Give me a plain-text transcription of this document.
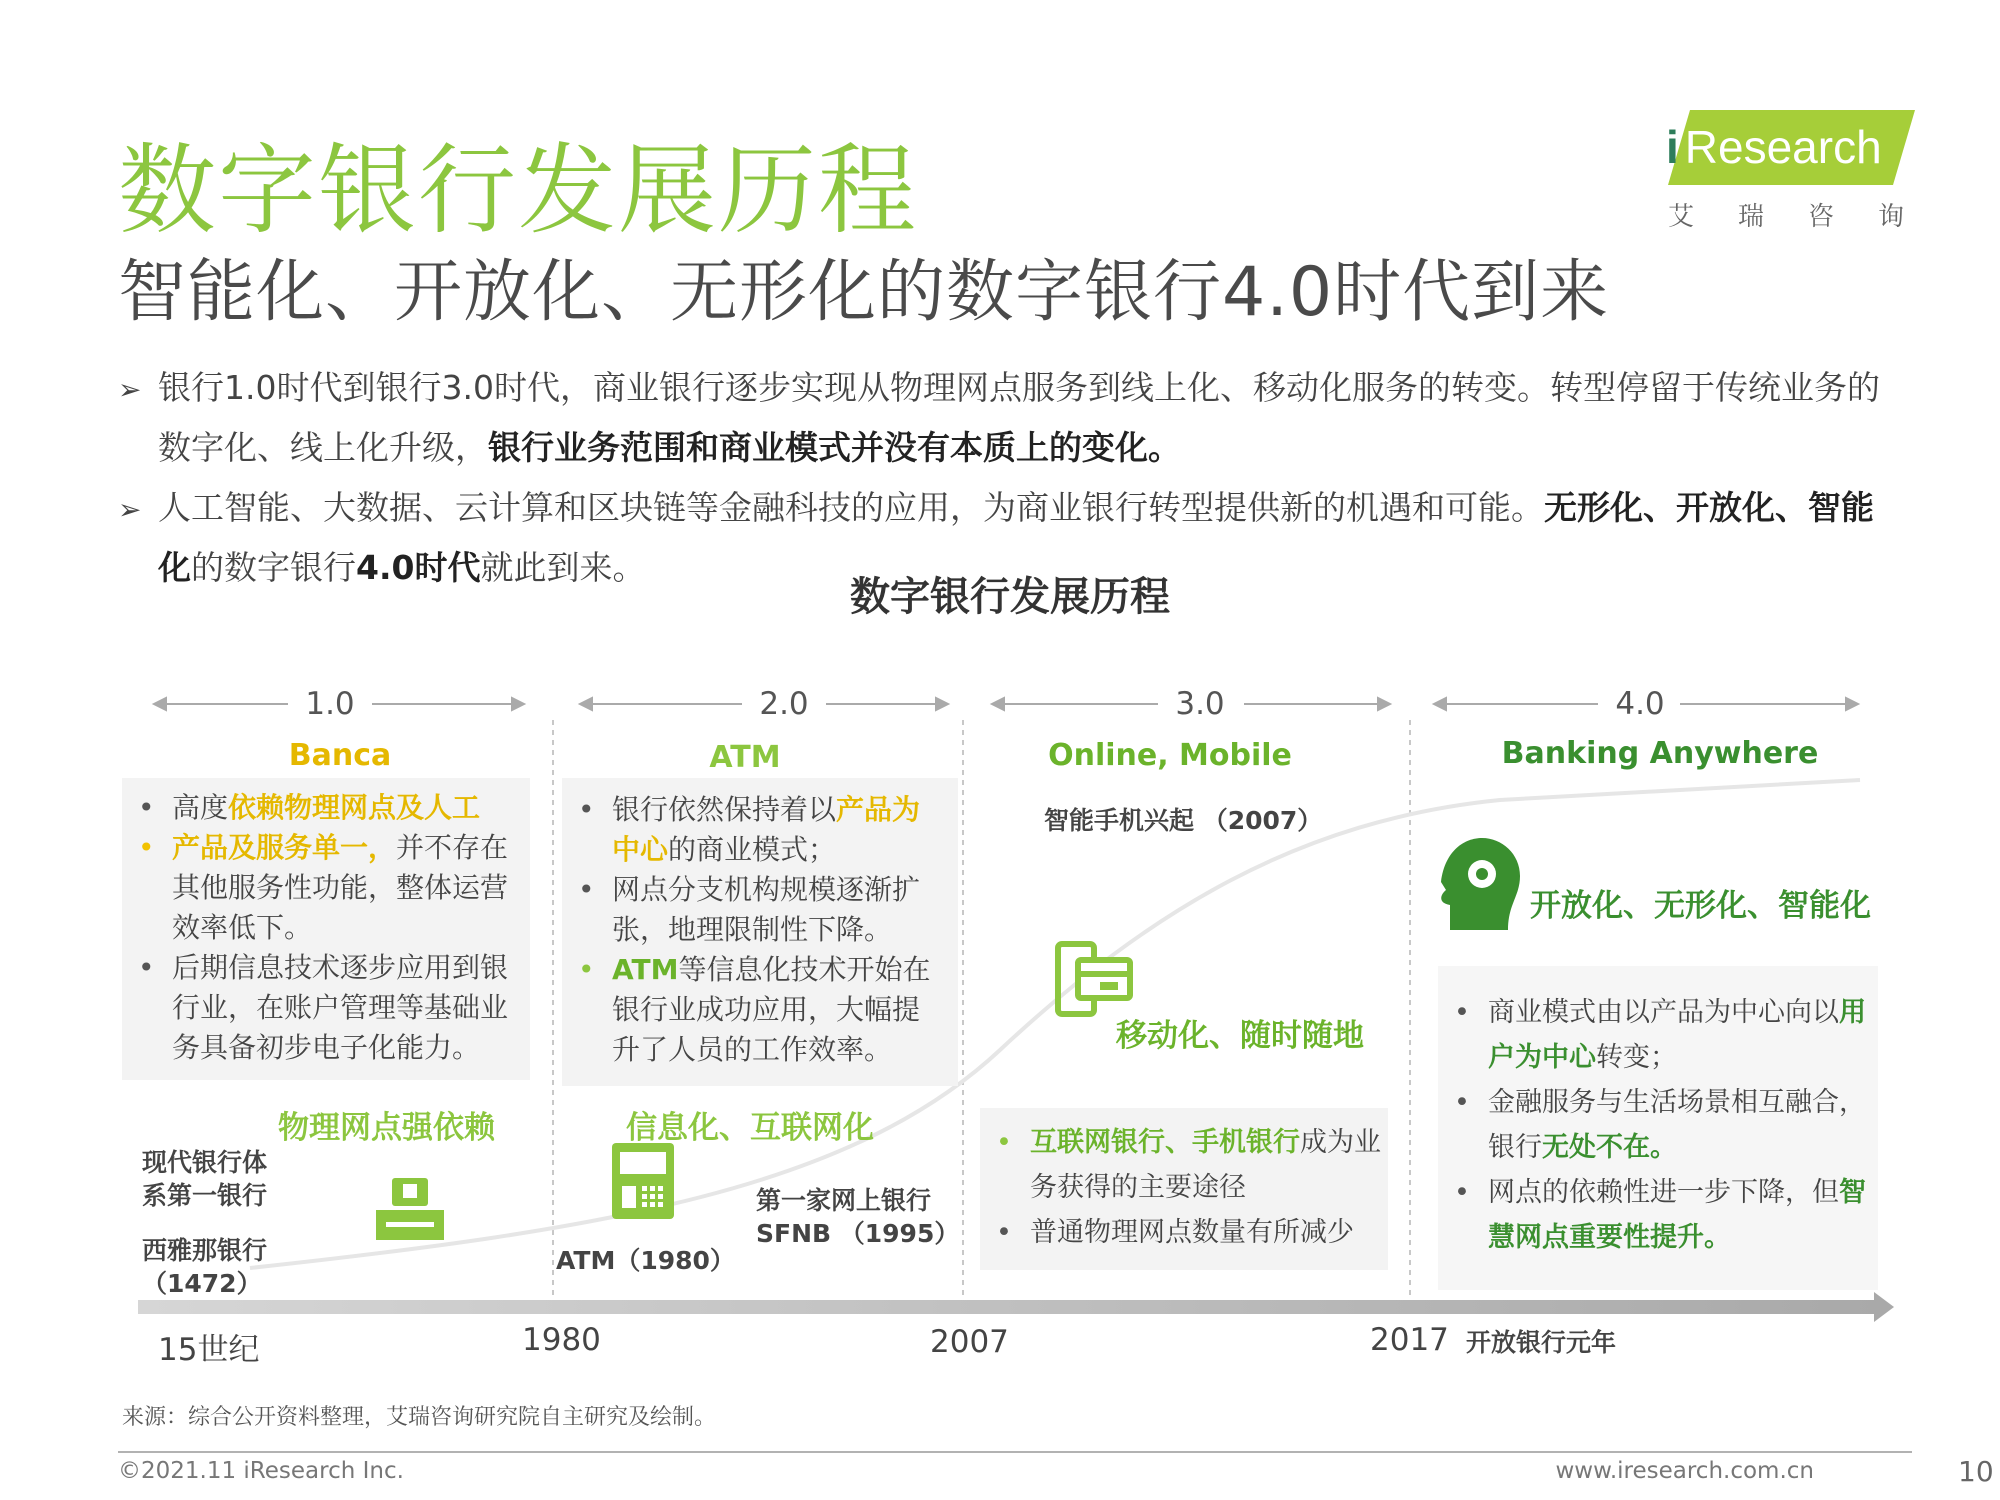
数字银行发展历程
智能化、开放化、无形化的数字银行4.0时代到来
i Research
艾瑞咨询
➢ 银行1.0时代到银行3.0时代，商业银行逐步实现从物理网点服务到线上化、移动化服务的转变。转型停留于传统业务的
数字化、线上化升级，银行业务范围和商业模式并没有本质上的变化。
➢ 人工智能、大数据、云计算和区块链等金融科技的应用，为商业银行转型提供新的机遇和可能。无形化、开放化、智能
化的数字银行4.0时代就此到来。
数字银行发展历程
1.0	2.0	3.0	4.0
Banca	ATM	Online, Mobile	Banking Anywhere
• 高度依赖物理网点及人工
• 产品及服务单一，并不存在
其他服务性功能，整体运营
效率低下。
• 后期信息技术逐步应用到银
行业，在账户管理等基础业
务具备初步电子化能力。
• 银行依然保持着以产品为
中心的商业模式；
• 网点分支机构规模逐渐扩
张，地理限制性下降。
• ATM等信息化技术开始在
银行业成功应用，大幅提
升了人员的工作效率。
• 互联网银行、手机银行成为业
务获得的主要途径
• 普通物理网点数量有所减少
• 商业模式由以产品为中心向以用
户为中心转变；
• 金融服务与生活场景相互融合，
银行无处不在。
• 网点的依赖性进一步下降，但智
慧网点重要性提升。
物理网点强依赖	信息化、互联网化
移动化、随时随地
开放化、无形化、智能化
现代银行体
系第一银行
西雅那银行
（1472）
ATM（1980）
ATM
第一家网上银行
SFNB （1995）
智能手机兴起 （2007）
15世纪	1980	2007	2017 开放银行元年
来源：综合公开资料整理，艾瑞咨询研究院自主研究及绘制。
©2021.11 iResearch Inc.	www.iresearch.com.cn	10
